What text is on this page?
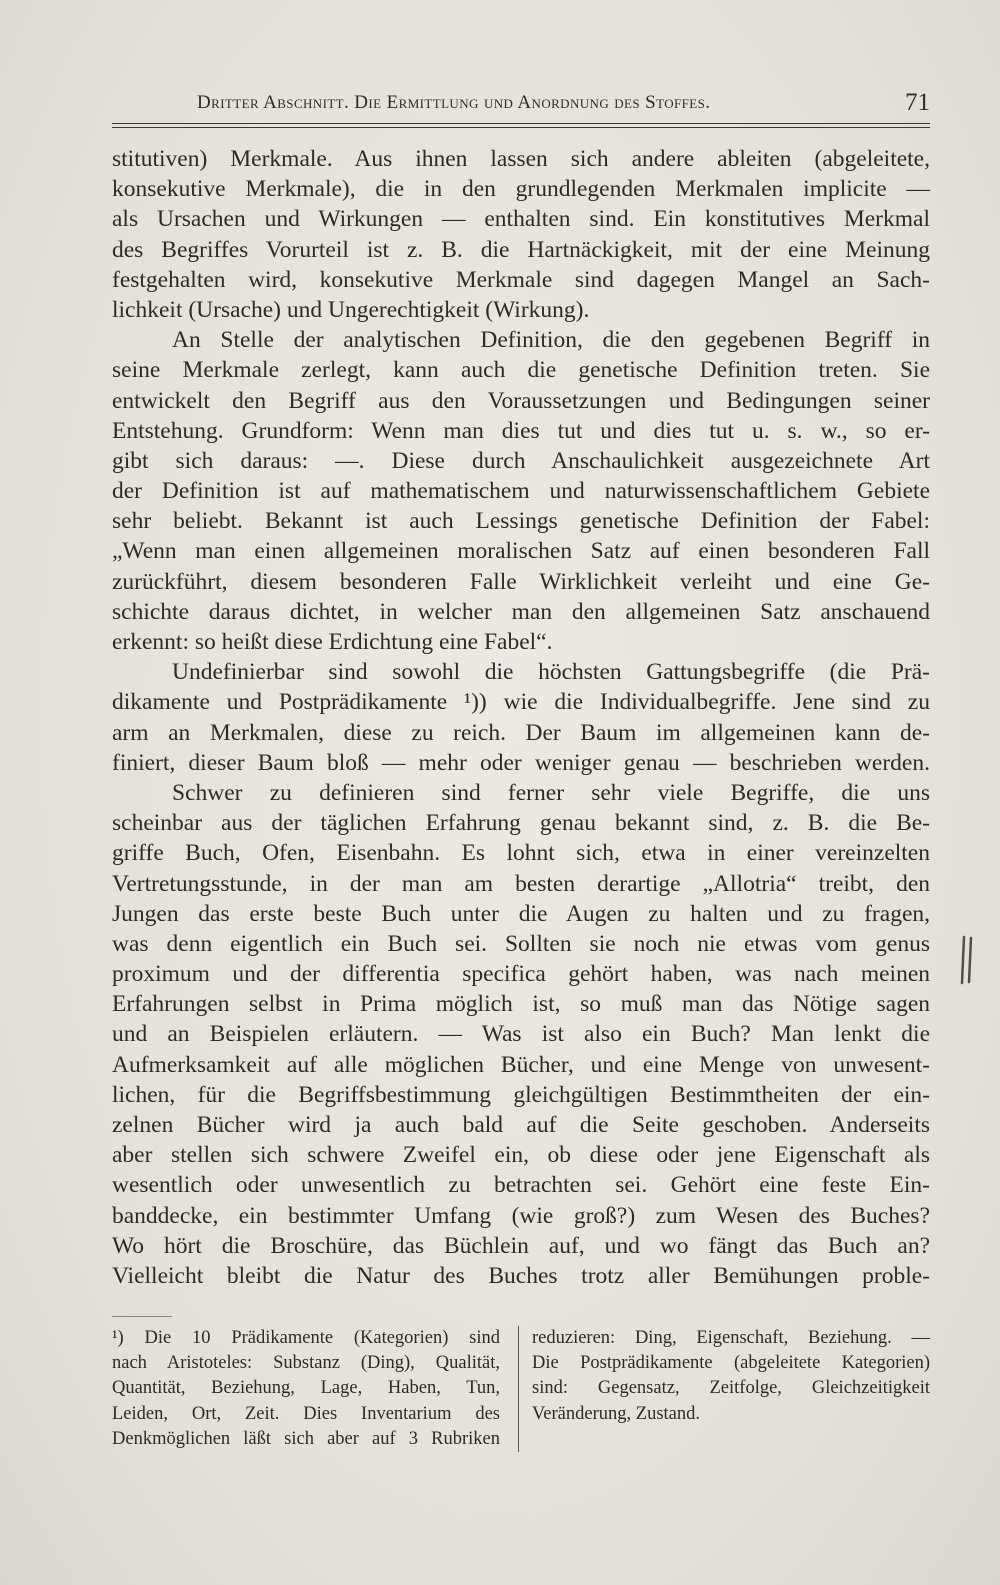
Dritter Abschnitt. Die Ermittlung und Anordnung des Stoffes.	71
stitutiven) Merkmale. Aus ihnen lassen sich andere ableiten (abgeleitete,
konsekutive Merkmale), die in den grundlegenden Merkmalen implicite —
als Ursachen und Wirkungen — enthalten sind. Ein konstitutives Merkmal
des Begriffes Vorurteil ist z. B. die Hartnäckigkeit, mit der eine Meinung
festgehalten wird, konsekutive Merkmale sind dagegen Mangel an Sach-
lichkeit (Ursache) und Ungerechtigkeit (Wirkung).
An Stelle der analytischen Definition, die den gegebenen Begriff in
seine Merkmale zerlegt, kann auch die genetische Definition treten. Sie
entwickelt den Begriff aus den Voraussetzungen und Bedingungen seiner
Entstehung. Grundform: Wenn man dies tut und dies tut u. s. w., so er-
gibt sich daraus: —. Diese durch Anschaulichkeit ausgezeichnete Art
der Definition ist auf mathematischem und naturwissenschaftlichem Gebiete
sehr beliebt. Bekannt ist auch Lessings genetische Definition der Fabel:
„Wenn man einen allgemeinen moralischen Satz auf einen besonderen Fall
zurückführt, diesem besonderen Falle Wirklichkeit verleiht und eine Ge-
schichte daraus dichtet, in welcher man den allgemeinen Satz anschauend
erkennt: so heißt diese Erdichtung eine Fabel“.
Undefinierbar sind sowohl die höchsten Gattungsbegriffe (die Prä-
dikamente und Postprädikamente ¹)) wie die Individualbegriffe. Jene sind zu
arm an Merkmalen, diese zu reich. Der Baum im allgemeinen kann de-
finiert, dieser Baum bloß — mehr oder weniger genau — beschrieben werden.
Schwer zu definieren sind ferner sehr viele Begriffe, die uns
scheinbar aus der täglichen Erfahrung genau bekannt sind, z. B. die Be-
griffe Buch, Ofen, Eisenbahn. Es lohnt sich, etwa in einer vereinzelten
Vertretungsstunde, in der man am besten derartige „Allotria“ treibt, den
Jungen das erste beste Buch unter die Augen zu halten und zu fragen,
was denn eigentlich ein Buch sei. Sollten sie noch nie etwas vom genus
proximum und der differentia specifica gehört haben, was nach meinen
Erfahrungen selbst in Prima möglich ist, so muß man das Nötige sagen
und an Beispielen erläutern. — Was ist also ein Buch? Man lenkt die
Aufmerksamkeit auf alle möglichen Bücher, und eine Menge von unwesent-
lichen, für die Begriffsbestimmung gleichgültigen Bestimmtheiten der ein-
zelnen Bücher wird ja auch bald auf die Seite geschoben. Anderseits
aber stellen sich schwere Zweifel ein, ob diese oder jene Eigenschaft als
wesentlich oder unwesentlich zu betrachten sei. Gehört eine feste Ein-
banddecke, ein bestimmter Umfang (wie groß?) zum Wesen des Buches?
Wo hört die Broschüre, das Büchlein auf, und wo fängt das Buch an?
Vielleicht bleibt die Natur des Buches trotz aller Bemühungen proble-
¹) Die 10 Prädikamente (Kategorien) sind
nach Aristoteles: Substanz (Ding), Qualität,
Quantität, Beziehung, Lage, Haben, Tun,
Leiden, Ort, Zeit. Dies Inventarium des
Denkmöglichen läßt sich aber auf 3 Rubriken
reduzieren: Ding, Eigenschaft, Beziehung. —
Die Postprädikamente (abgeleitete Kategorien)
sind: Gegensatz, Zeitfolge, Gleichzeitigkeit
Veränderung, Zustand.
